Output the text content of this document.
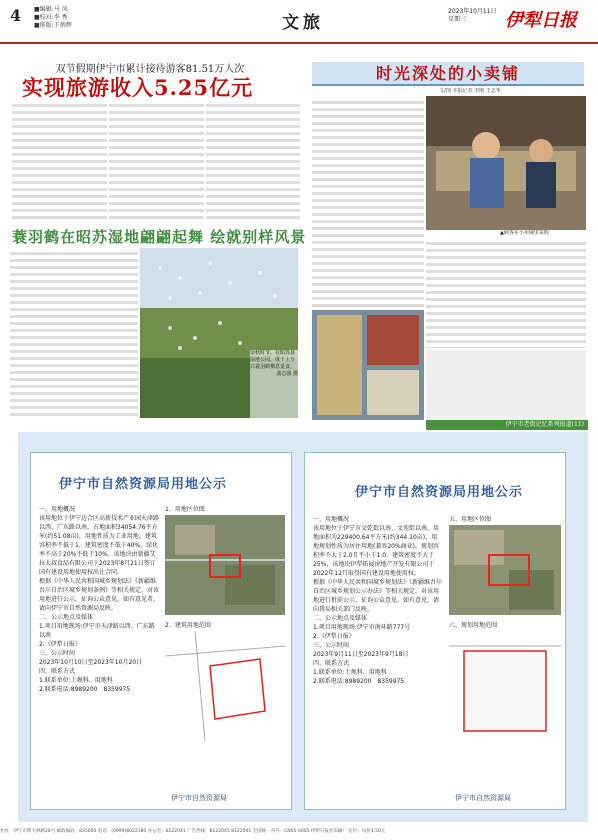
4 ■编辑:马 凤
■校对:李 秀
■排版:王炳辉	文旅
2023年10月11日
星期三	伊犁日报
双节假期伊宁市累计接待游客81.51万人次
实现旅游收入5.25亿元
蓑羽鹤在昭苏湿地翩翩起舞 绘就别样风景
金秋时节，在昭苏县湿地公园，成千上万只蓑羽鹤栖息觅食。
蒲志强 摄
时光深处的小卖铺
文/图 本报记者 李刚 王志华
▲顾客在小卖铺里采购
伊宁市老街记忆系列报道(11)
伊宁市自然资源局用地公示
一、用地概况
该用地位于伊宁边合区高新技术产业园天津路以西、广东路以南，占地面积34054.76平方米(约51.08亩)，用地性质为工业用地，建筑容积率不低于1，建筑密度不低于40%，绿化率不高于20%不低于10%。该地块由新疆艾拉大叔食品有限公司于2023年8月21日签订国有建设用地使用权出让合同。
根据《中华人民共和国城乡规划法》《新疆维吾尔自治区城乡规划条例》等相关规定，对该用地进行公示，征询公众意见。如有意见者，请向伊宁市自然资源局反映。
二、公示地点及媒体
1.项目用地现场:伊宁市天津路以西、广东路以南
2.《伊犁日报》
三、公示时间
2023年10月10日至2023年10月20日
四、联系方式
1.联系单位:土规科、用地科
2.联系电话:8989200　8359975
1、用地区位图
2、建筑用地范围
伊宁市自然资源局
伊宁市自然资源局用地公示
一、用地概况
该用地位于伊宁市文乾街以南、文苑街以南，用地面积为229400.64平方米(约344.10亩)，用地规划性质为居住用地(兼容20%商业)。规划容积率不大于2.0且不小于1.0，建筑密度不大于25%，该地块伊犁拓展房地产开发有限公司于2022年12月取得国有建设用地使用权。
根据《中华人民共和国城乡规划法》《新疆维吾尔自治区城乡规划公示办法》等相关规定，对该用地进行批前公示，征询公众意见。如有意见，请向我局相关部门反映。
二、公示地点及媒体
1.项目用地现场:伊宁市南环路777号
2.《伊犁日报》
三、公示时间
2023年9月11日至2023年9月18日
四、联系方式
1.联系单位:土规科、用地科
2.联系电话:8989200　8359975
五、用地区位图
六、规划用地范围
伊宁市自然资源局
社址：伊宁市斯大林路28号 邮政编码：835000 电话：(0999)8022180 办公室：8122041 广告热线：8122045 8122041 全国统一刊号：CN65-0005 伊犁日报社印刷厂 定价：每份1.50元
